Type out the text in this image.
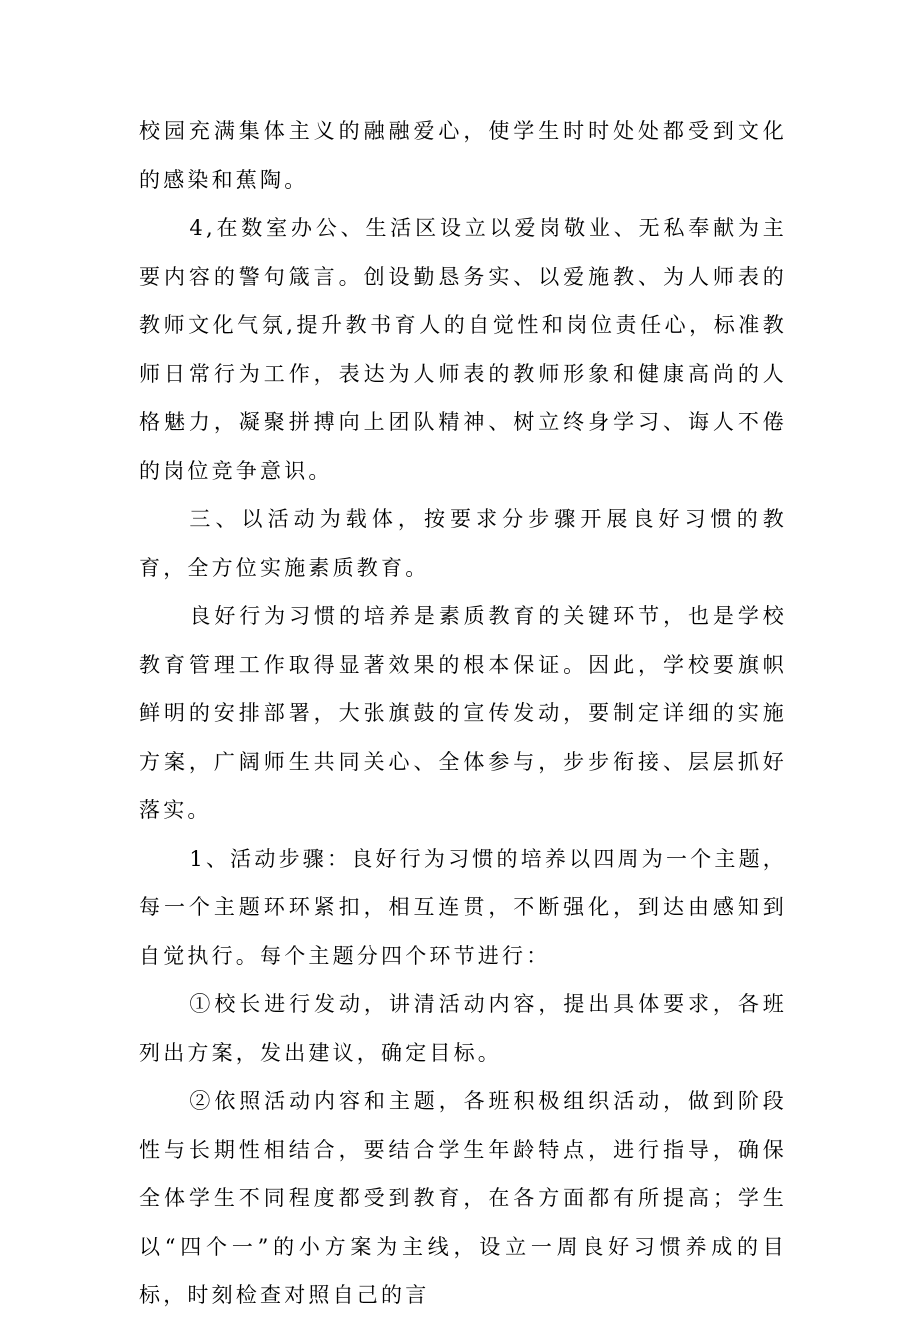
校园充满集体主义的融融爱心，使学生时时处处都受到文化的感染和蕉陶。

4,在数室办公、生活区设立以爱岗敬业、无私奉献为主要内容的警句箴言。创设勤恳务实、以爱施教、为人师表的教师文化气氛,提升教书育人的自觉性和岗位责任心，标准教师日常行为工作，表达为人师表的教师形象和健康高尚的人格魅力，凝聚拼搏向上团队精神、树立终身学习、诲人不倦的岗位竞争意识。

三、以活动为载体，按要求分步骤开展良好习惯的教育，全方位实施素质教育。

良好行为习惯的培养是素质教育的关键环节，也是学校教育管理工作取得显著效果的根本保证。因此，学校要旗帜鲜明的安排部署，大张旗鼓的宣传发动，要制定详细的实施方案，广阔师生共同关心、全体参与，步步衔接、层层抓好落实。

1、活动步骤：良好行为习惯的培养以四周为一个主题，每一个主题环环紧扣，相互连贯，不断强化，到达由感知到自觉执行。每个主题分四个环节进行：

①校长进行发动，讲清活动内容，提出具体要求，各班列出方案，发出建议，确定目标。

②依照活动内容和主题，各班积极组织活动，做到阶段性与长期性相结合，要结合学生年龄特点，进行指导，确保全体学生不同程度都受到教育，在各方面都有所提高；学生以“四个一”的小方案为主线，设立一周良好习惯养成的目标，时刻检查对照自己的言
